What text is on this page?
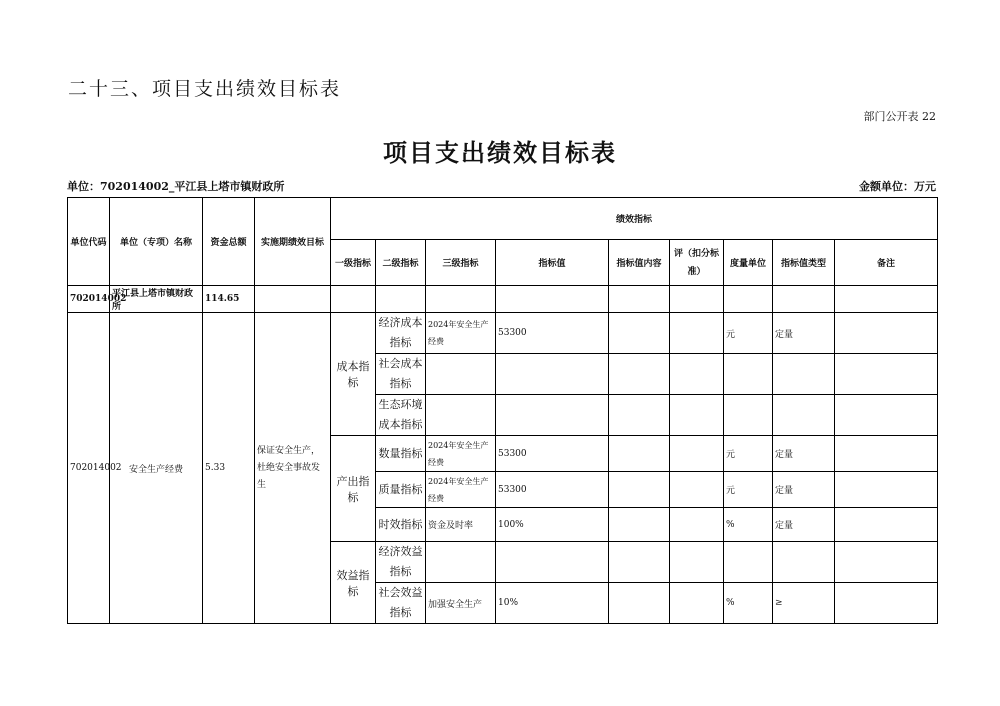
二十三、项目支出绩效目标表
部门公开表 22
项目支出绩效目标表
单位：702014002_平江县上塔市镇财政所	金额单位：万元
单位代码	单位（专项）名称	资金总额	实施期绩效目标	绩效指标								
				一级指标	二级指标	三级指标	指标值	指标值内容	评（扣分标准）	度量单位	指标值类型	备注
702014002	平江县上塔市镇财政所	114.65										
702014002	安全生产经费	5.33	保证安全生产，杜绝安全事故发生	成本指标	经济成本指标	2024年安全生产经费	53300			元	定量	
					社会成本指标							
					生态环境成本指标							
				产出指标	数量指标	2024年安全生产经费	53300			元	定量	
					质量指标	2024年安全生产经费	53300			元	定量	
					时效指标	资金及时率	100%			%	定量	
				效益指标	经济效益指标							
					社会效益指标	加强安全生产	10%			%	≥	
